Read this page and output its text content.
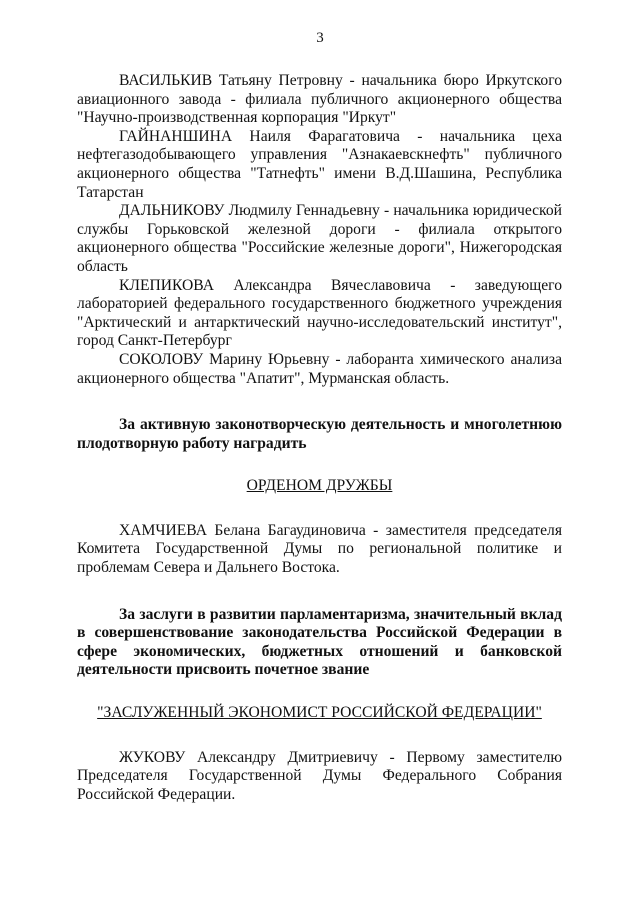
3

ВАСИЛЬКИВ Татьяну Петровну - начальника бюро Иркутского авиационного завода - филиала публичного акционерного общества "Научно-производственная корпорация "Иркут"

ГАЙНАНШИНА Наиля Фарагатовича - начальника цеха нефтегазодобывающего управления "Азнакаевскнефть" публичного акционерного общества "Татнефть" имени В.Д.Шашина, Республика Татарстан

ДАЛЬНИКОВУ Людмилу Геннадьевну - начальника юридической службы Горьковской железной дороги - филиала открытого акционерного общества "Российские железные дороги", Нижегородская область

КЛЕПИКОВА Александра Вячеславовича - заведующего лабораторией федерального государственного бюджетного учреждения "Арктический и антарктический научно-исследовательский институт", город Санкт-Петербург

СОКОЛОВУ Марину Юрьевну - лаборанта химического анализа акционерного общества "Апатит", Мурманская область.

За активную законотворческую деятельность и многолетнюю плодотворную работу наградить

ОРДЕНОМ ДРУЖБЫ

ХАМЧИЕВА Белана Багаудиновича - заместителя председателя Комитета Государственной Думы по региональной политике и проблемам Севера и Дальнего Востока.

За заслуги в развитии парламентаризма, значительный вклад в совершенствование законодательства Российской Федерации в сфере экономических, бюджетных отношений и банковской деятельности присвоить почетное звание

"ЗАСЛУЖЕННЫЙ ЭКОНОМИСТ РОССИЙСКОЙ ФЕДЕРАЦИИ"

ЖУКОВУ Александру Дмитриевичу - Первому заместителю Председателя Государственной Думы Федерального Собрания Российской Федерации.
